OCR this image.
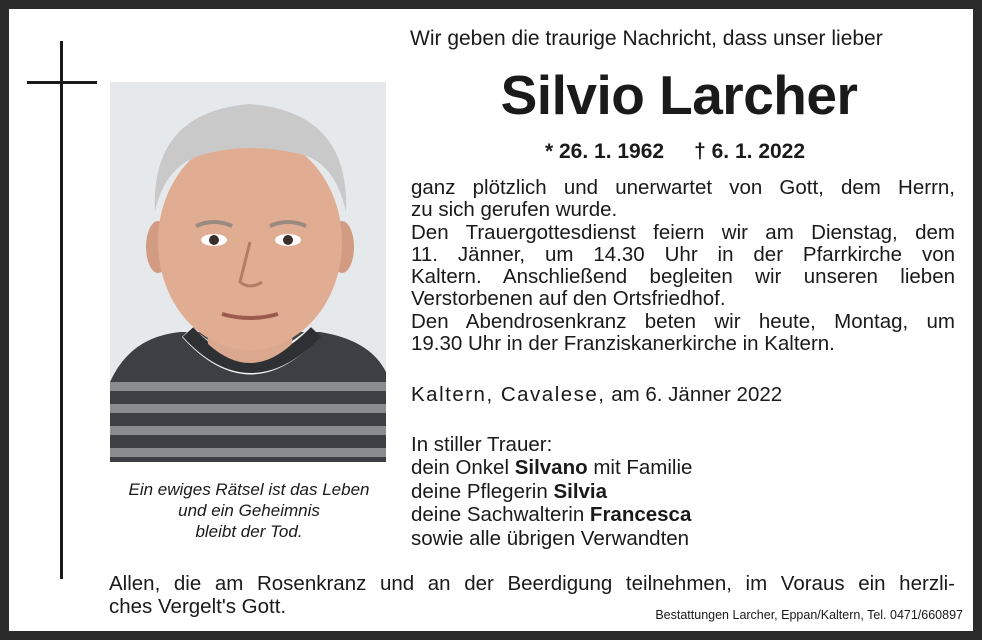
Ein ewiges Rätsel ist das Leben
und ein Geheimnis
bleibt der Tod.
Wir geben die traurige Nachricht, dass unser lieber
Silvio Larcher
* 26. 1. 1962 † 6. 1. 2022
ganz plötzlich und unerwartet von Gott, dem Herrn,
zu sich gerufen wurde.
Den Trauergottesdienst feiern wir am Dienstag, dem
11. Jänner, um 14.30 Uhr in der Pfarrkirche von
Kaltern. Anschließend begleiten wir unseren lieben
Verstorbenen auf den Ortsfriedhof.
Den Abendrosenkranz beten wir heute, Montag, um
19.30 Uhr in der Franziskanerkirche in Kaltern.
Kaltern, Cavalese, am 6. Jänner 2022
In stiller Trauer:
dein Onkel Silvano mit Familie
deine Pflegerin Silvia
deine Sachwalterin Francesca
sowie alle übrigen Verwandten
Allen, die am Rosenkranz und an der Beerdigung teilnehmen, im Voraus ein herzli-
ches Vergelt's Gott.	Bestattungen Larcher, Eppan/Kaltern, Tel. 0471/660897
